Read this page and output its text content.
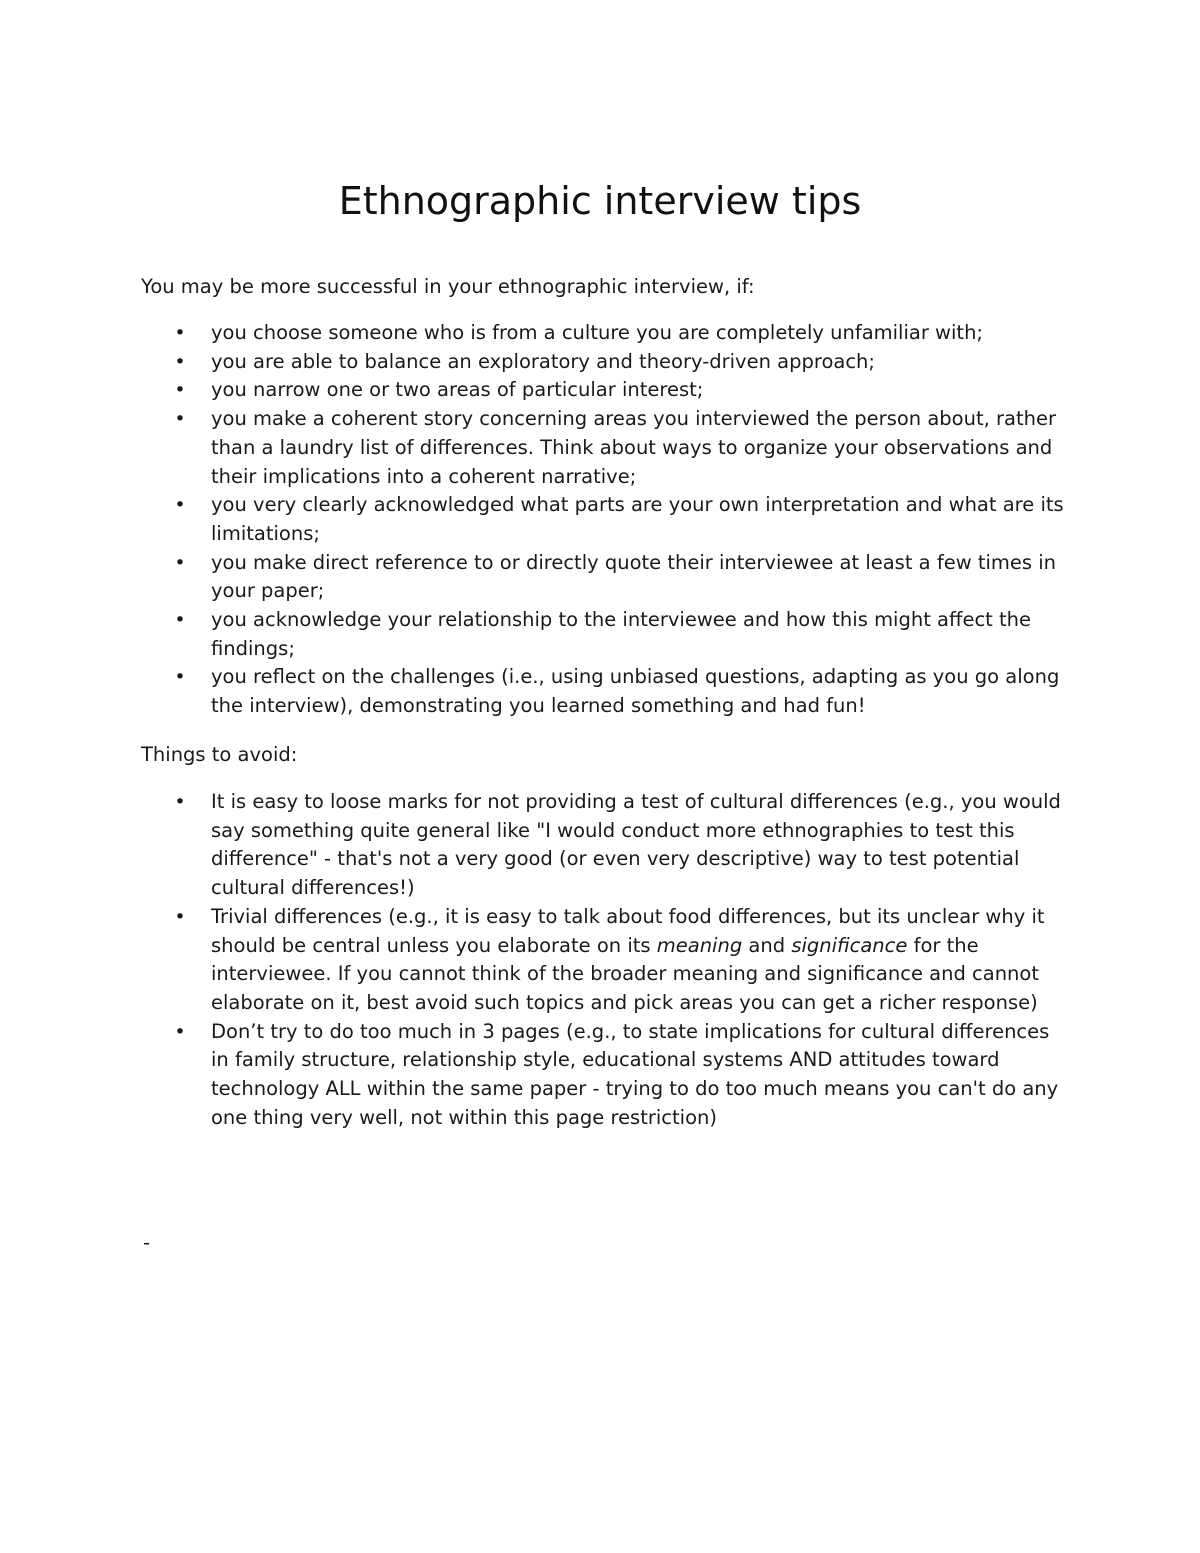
Ethnographic interview tips

You may be more successful in your ethnographic interview, if:

• you choose someone who is from a culture you are completely unfamiliar with;
• you are able to balance an exploratory and theory-driven approach;
• you narrow one or two areas of particular interest;
• you make a coherent story concerning areas you interviewed the person about, rather than a laundry list of differences. Think about ways to organize your observations and their implications into a coherent narrative;
• you very clearly acknowledged what parts are your own interpretation and what are its limitations;
• you make direct reference to or directly quote their interviewee at least a few times in your paper;
• you acknowledge your relationship to the interviewee and how this might affect the findings;
• you reflect on the challenges (i.e., using unbiased questions, adapting as you go along the interview), demonstrating you learned something and had fun!

Things to avoid:

• It is easy to loose marks for not providing a test of cultural differences (e.g., you would say something quite general like "I would conduct more ethnographies to test this difference" - that's not a very good (or even very descriptive) way to test potential cultural differences!)
• Trivial differences (e.g., it is easy to talk about food differences, but its unclear why it should be central unless you elaborate on its meaning and significance for the interviewee. If you cannot think of the broader meaning and significance and cannot elaborate on it, best avoid such topics and pick areas you can get a richer response)
• Don’t try to do too much in 3 pages (e.g., to state implications for cultural differences in family structure, relationship style, educational systems AND attitudes toward technology ALL within the same paper - trying to do too much means you can't do any one thing very well, not within this page restriction)

-
